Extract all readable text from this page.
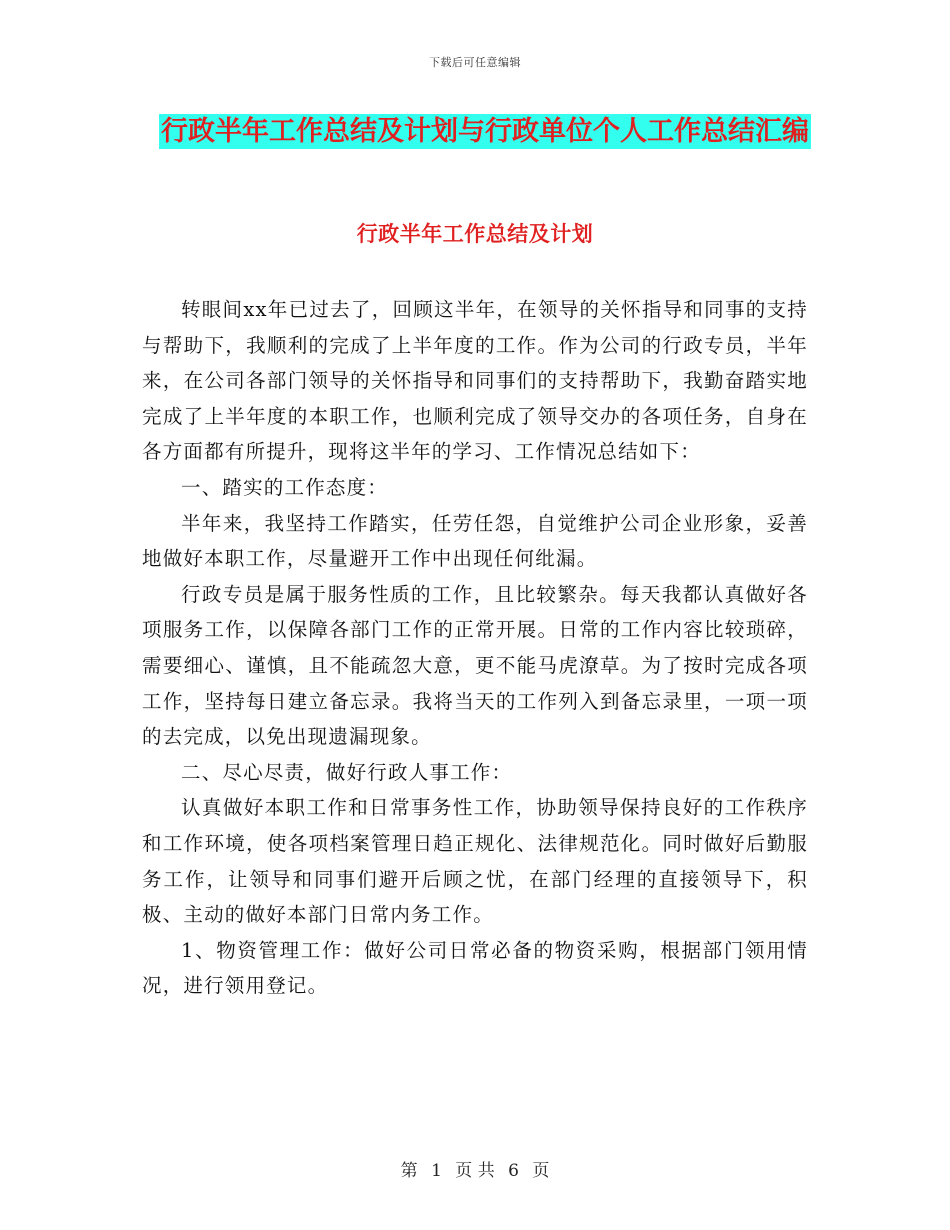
下载后可任意编辑
行政半年工作总结及计划与行政单位个人工作总结汇编
行政半年工作总结及计划

转眼间xx年已过去了，回顾这半年，在领导的关怀指导和同事的支持与帮助下，我顺利的完成了上半年度的工作。作为公司的行政专员，半年来，在公司各部门领导的关怀指导和同事们的支持帮助下，我勤奋踏实地完成了上半年度的本职工作，也顺利完成了领导交办的各项任务，自身在各方面都有所提升，现将这半年的学习、工作情况总结如下：

一、踏实的工作态度：

半年来，我坚持工作踏实，任劳任怨，自觉维护公司企业形象，妥善地做好本职工作，尽量避开工作中出现任何纰漏。

行政专员是属于服务性质的工作，且比较繁杂。每天我都认真做好各项服务工作，以保障各部门工作的正常开展。日常的工作内容比较琐碎，需要细心、谨慎，且不能疏忽大意，更不能马虎潦草。为了按时完成各项工作，坚持每日建立备忘录。我将当天的工作列入到备忘录里，一项一项的去完成，以免出现遗漏现象。

二、尽心尽责，做好行政人事工作：

认真做好本职工作和日常事务性工作，协助领导保持良好的工作秩序和工作环境，使各项档案管理日趋正规化、法律规范化。同时做好后勤服务工作，让领导和同事们避开后顾之忧，在部门经理的直接领导下，积极、主动的做好本部门日常内务工作。

1、物资管理工作：做好公司日常必备的物资采购，根据部门领用情况，进行领用登记。

第 1 页 共 6 页
